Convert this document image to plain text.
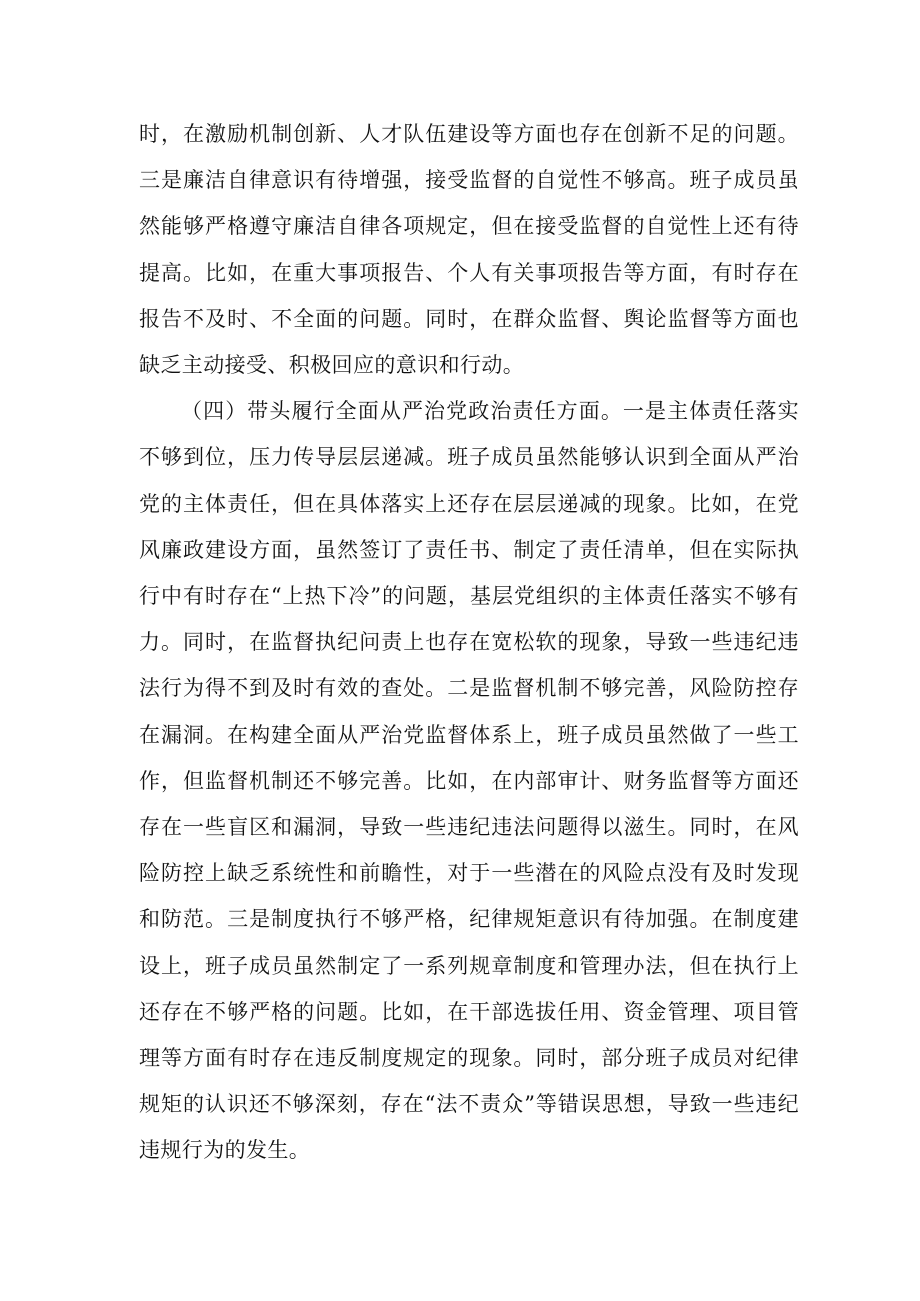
时，在激励机制创新、人才队伍建设等方面也存在创新不足的问题。三是廉洁自律意识有待增强，接受监督的自觉性不够高。班子成员虽然能够严格遵守廉洁自律各项规定，但在接受监督的自觉性上还有待提高。比如，在重大事项报告、个人有关事项报告等方面，有时存在报告不及时、不全面的问题。同时，在群众监督、舆论监督等方面也缺乏主动接受、积极回应的意识和行动。

（四）带头履行全面从严治党政治责任方面。一是主体责任落实不够到位，压力传导层层递减。班子成员虽然能够认识到全面从严治党的主体责任，但在具体落实上还存在层层递减的现象。比如，在党风廉政建设方面，虽然签订了责任书、制定了责任清单，但在实际执行中有时存在“上热下冷”的问题，基层党组织的主体责任落实不够有力。同时，在监督执纪问责上也存在宽松软的现象，导致一些违纪违法行为得不到及时有效的查处。二是监督机制不够完善，风险防控存在漏洞。在构建全面从严治党监督体系上，班子成员虽然做了一些工作，但监督机制还不够完善。比如，在内部审计、财务监督等方面还存在一些盲区和漏洞，导致一些违纪违法问题得以滋生。同时，在风险防控上缺乏系统性和前瞻性，对于一些潜在的风险点没有及时发现和防范。三是制度执行不够严格，纪律规矩意识有待加强。在制度建设上，班子成员虽然制定了一系列规章制度和管理办法，但在执行上还存在不够严格的问题。比如，在干部选拔任用、资金管理、项目管理等方面有时存在违反制度规定的现象。同时，部分班子成员对纪律规矩的认识还不够深刻，存在“法不责众”等错误思想，导致一些违纪违规行为的发生。
